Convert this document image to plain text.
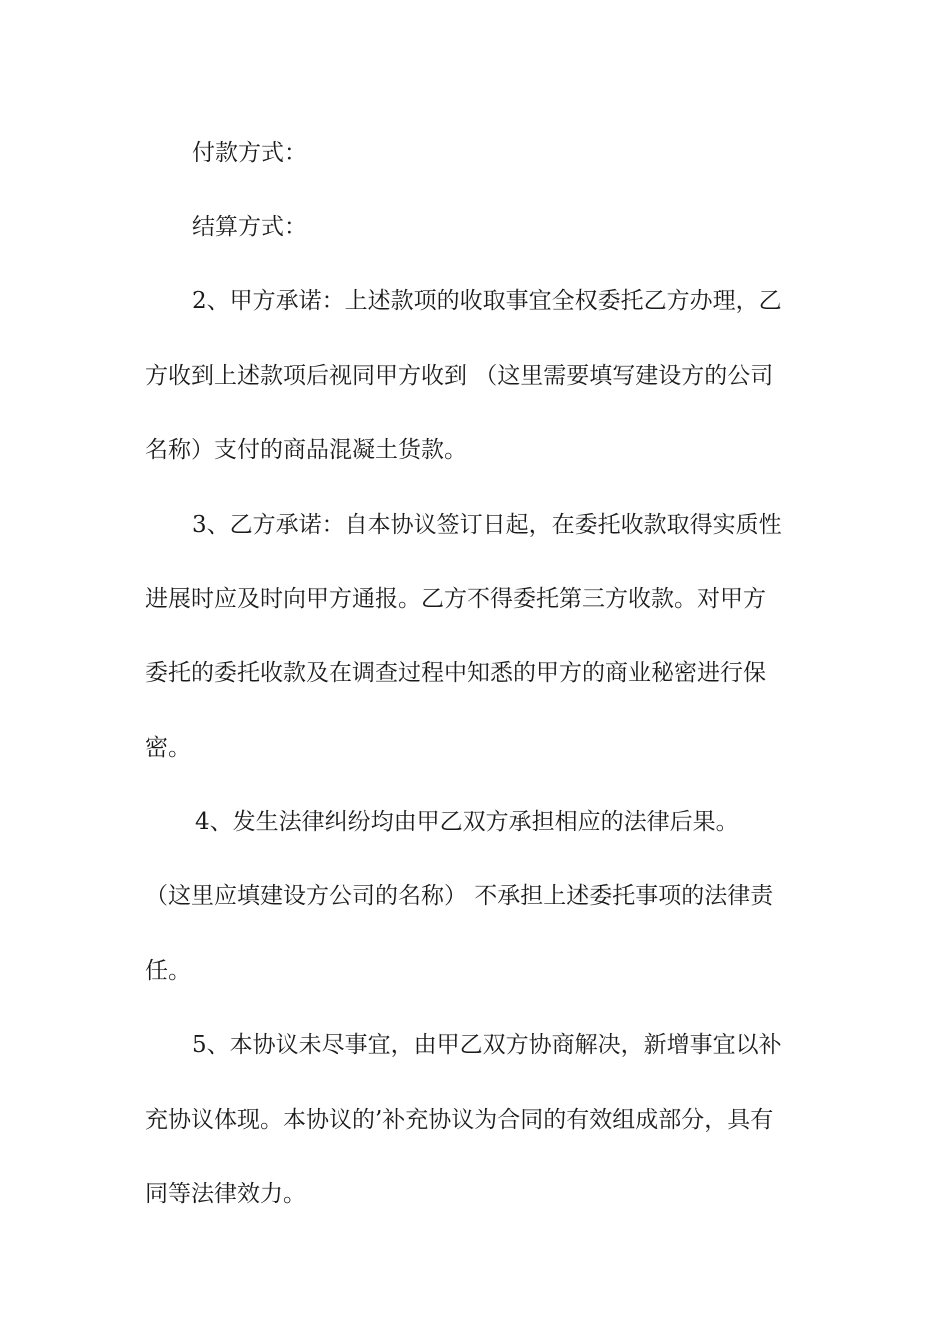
付款方式：

结算方式：

2、甲方承诺：上述款项的收取事宜全权委托乙方办理，乙

方收到上述款项后视同甲方收到 （这里需要填写建设方的公司

名称）支付的商品混凝土货款。

3、乙方承诺：自本协议签订日起，在委托收款取得实质性

进展时应及时向甲方通报。乙方不得委托第三方收款。对甲方

委托的委托收款及在调查过程中知悉的甲方的商业秘密进行保

密。

4、发生法律纠纷均由甲乙双方承担相应的法律后果。

（这里应填建设方公司的名称） 不承担上述委托事项的法律责

任。

5、本协议未尽事宜，由甲乙双方协商解决，新增事宜以补

充协议体现。本协议的’补充协议为合同的有效组成部分，具有

同等法律效力。
